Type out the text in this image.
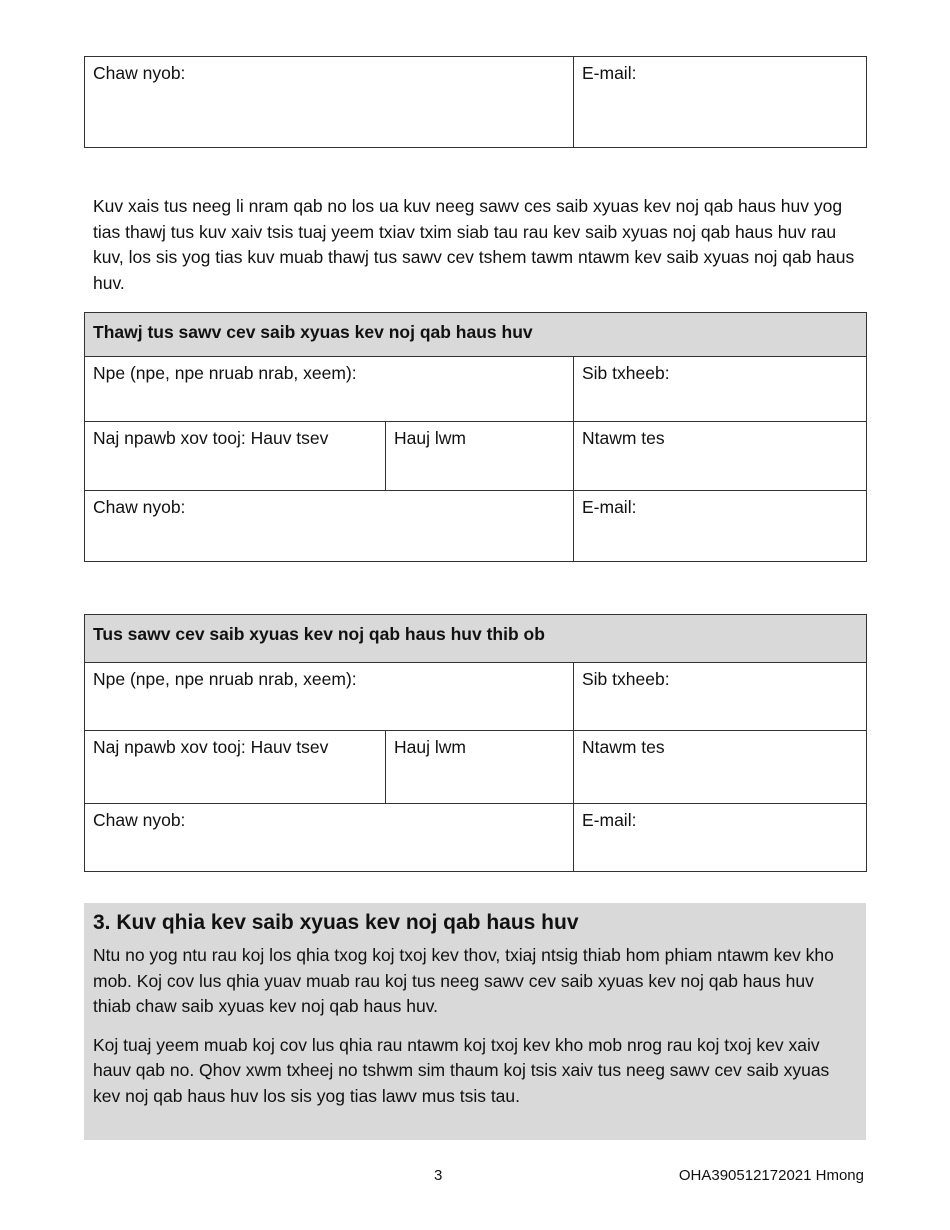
Chaw nyob:	E-mail:

Kuv xais tus neeg li nram qab no los ua kuv neeg sawv ces saib xyuas kev noj qab haus huv yog tias thawj tus kuv xaiv tsis tuaj yeem txiav txim siab tau rau kev saib xyuas noj qab haus huv rau kuv, los sis yog tias kuv muab thawj tus sawv cev tshem tawm ntawm kev saib xyuas noj qab haus huv.

Thawj tus sawv cev saib xyuas kev noj qab haus huv		
Npe (npe, npe nruab nrab, xeem):		Sib txheeb:
Naj npawb xov tooj: Hauv tsev	Hauj lwm	Ntawm tes
Chaw nyob:		E-mail:
Tus sawv cev saib xyuas kev noj qab haus huv thib ob		
Npe (npe, npe nruab nrab, xeem):		Sib txheeb:
Naj npawb xov tooj: Hauv tsev	Hauj lwm	Ntawm tes
Chaw nyob:		E-mail:
3. Kuv qhia kev saib xyuas kev noj qab haus huv

Ntu no yog ntu rau koj los qhia txog koj txoj kev thov, txiaj ntsig thiab hom phiam ntawm kev kho mob. Koj cov lus qhia yuav muab rau koj tus neeg sawv cev saib xyuas kev noj qab haus huv thiab chaw saib xyuas kev noj qab haus huv.

Koj tuaj yeem muab koj cov lus qhia rau ntawm koj txoj kev kho mob nrog rau koj txoj kev xaiv hauv qab no. Qhov xwm txheej no tshwm sim thaum koj tsis xaiv tus neeg sawv cev saib xyuas kev noj qab haus huv los sis yog tias lawv mus tsis tau.

3	OHA390512172021 Hmong
